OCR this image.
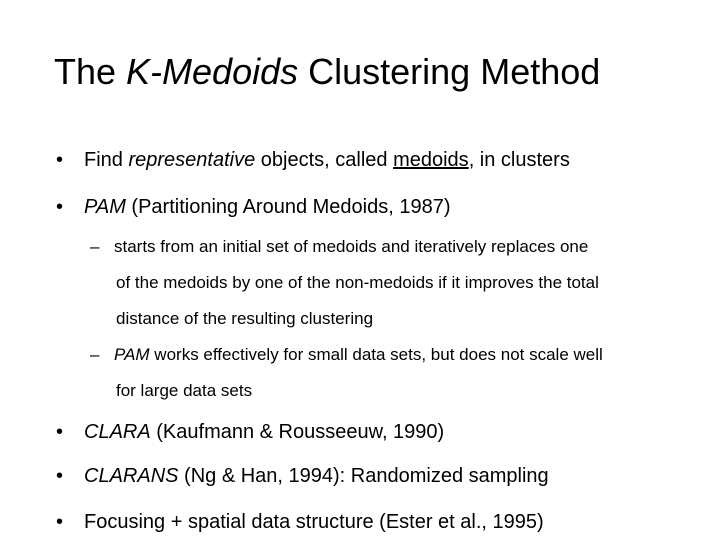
The K-Medoids Clustering Method
• Find representative objects, called medoids, in clusters
• PAM (Partitioning Around Medoids, 1987)
– starts from an initial set of medoids and iteratively replaces one
of the medoids by one of the non-medoids if it improves the total
distance of the resulting clustering
– PAM works effectively for small data sets, but does not scale well
for large data sets
• CLARA (Kaufmann & Rousseeuw, 1990)
• CLARANS (Ng & Han, 1994): Randomized sampling
• Focusing + spatial data structure (Ester et al., 1995)
